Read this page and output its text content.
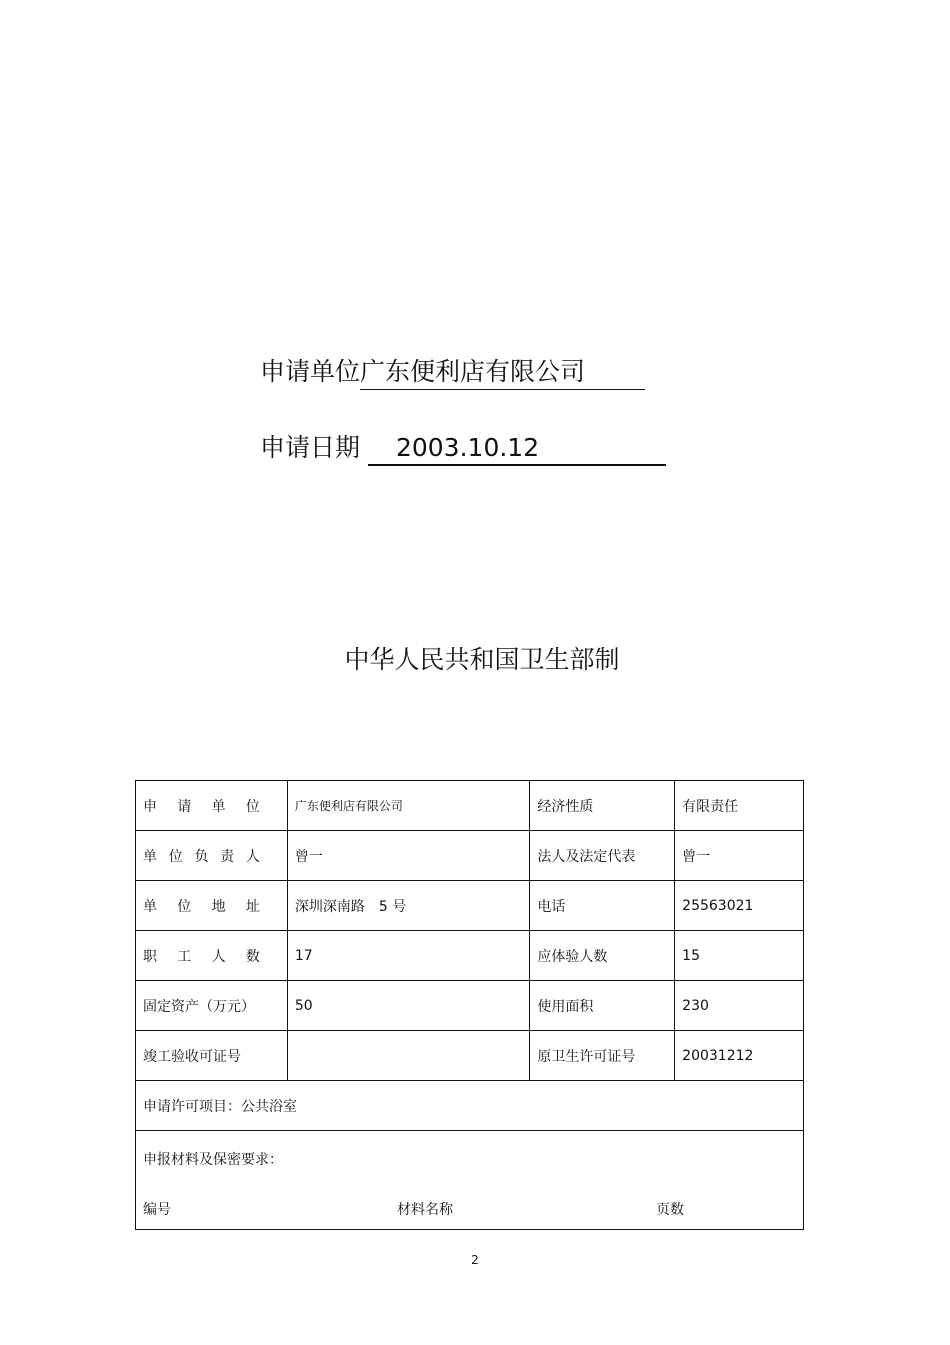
申请单位广东便利店有限公司
申请日期 2003.10.12
中华人民共和国卫生部制
申 请 单 位	广东便利店有限公司	经济性质	有限责任

单 位 负 责 人	曾一	法人及法定代表	曾一

单 位 地 址	深圳深南路　5 号	电话	25563021

职 工 人 数	17	应体验人数	15
固定资产（万元）	50	使用面积	230
竣工验收可证号		原卫生许可证号	20031212
申请许可项目：公共浴室			

申报材料及保密要求：
编号 材料名称 页数			
2
